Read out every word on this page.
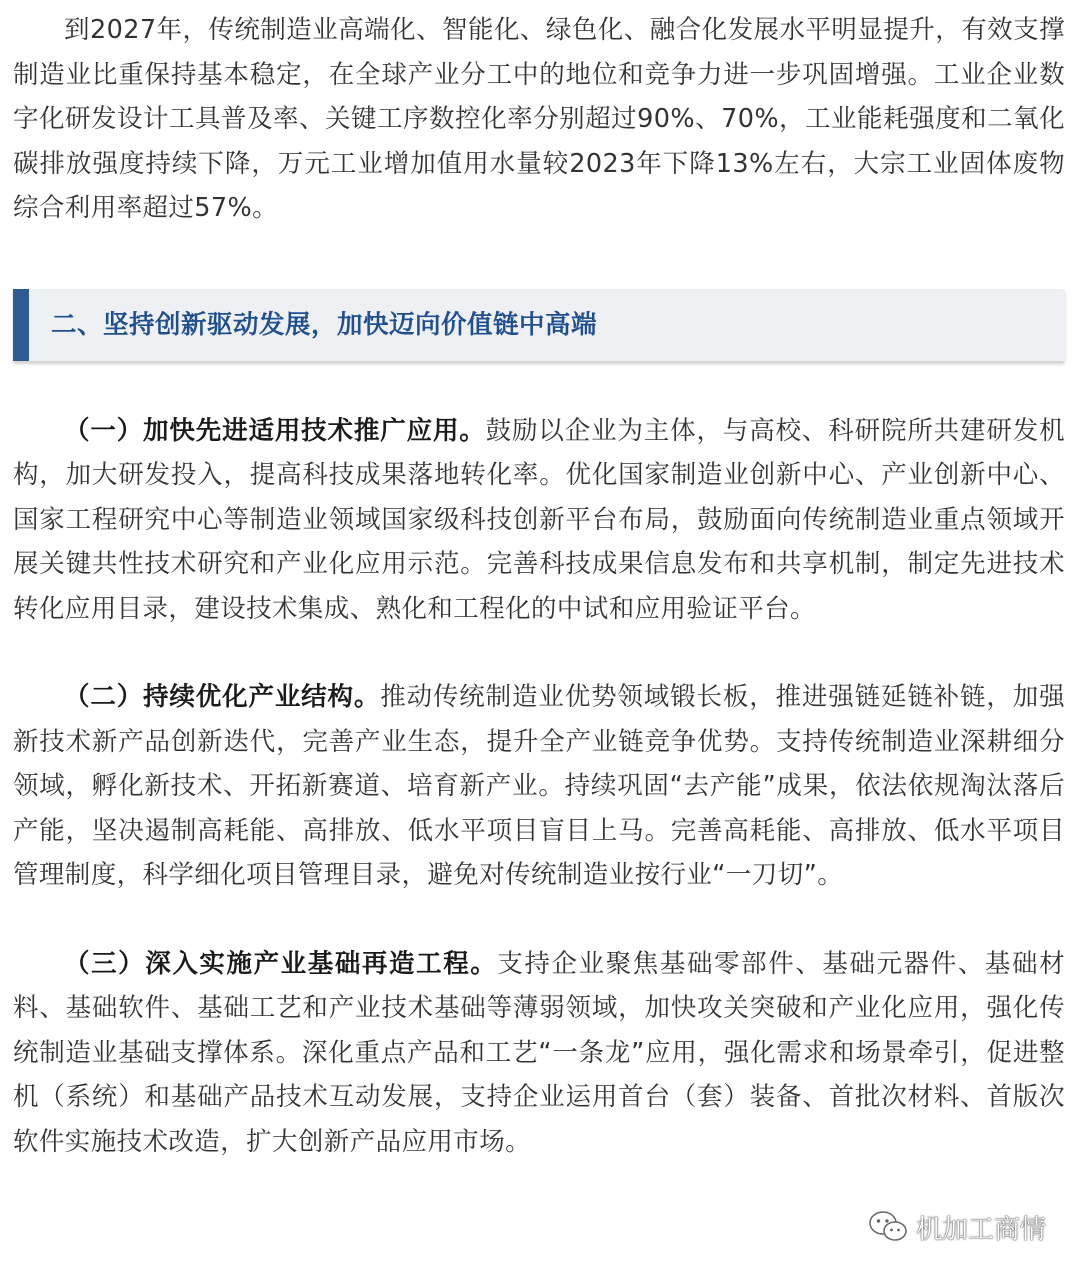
到2027年，传统制造业高端化、智能化、绿色化、融合化发展水平明显提升，有效支撑制造业比重保持基本稳定，在全球产业分工中的地位和竞争力进一步巩固增强。工业企业数字化研发设计工具普及率、关键工序数控化率分别超过90%、70%，工业能耗强度和二氧化碳排放强度持续下降，万元工业增加值用水量较2023年下降13%左右，大宗工业固体废物综合利用率超过57%。

二、坚持创新驱动发展，加快迈向价值链中高端

（一）加快先进适用技术推广应用。鼓励以企业为主体，与高校、科研院所共建研发机构，加大研发投入，提高科技成果落地转化率。优化国家制造业创新中心、产业创新中心、国家工程研究中心等制造业领域国家级科技创新平台布局，鼓励面向传统制造业重点领域开展关键共性技术研究和产业化应用示范。完善科技成果信息发布和共享机制，制定先进技术转化应用目录，建设技术集成、熟化和工程化的中试和应用验证平台。

（二）持续优化产业结构。推动传统制造业优势领域锻长板，推进强链延链补链，加强新技术新产品创新迭代，完善产业生态，提升全产业链竞争优势。支持传统制造业深耕细分领域，孵化新技术、开拓新赛道、培育新产业。持续巩固“去产能”成果，依法依规淘汰落后产能，坚决遏制高耗能、高排放、低水平项目盲目上马。完善高耗能、高排放、低水平项目管理制度，科学细化项目管理目录，避免对传统制造业按行业“一刀切”。

（三）深入实施产业基础再造工程。支持企业聚焦基础零部件、基础元器件、基础材料、基础软件、基础工艺和产业技术基础等薄弱领域，加快攻关突破和产业化应用，强化传统制造业基础支撑体系。深化重点产品和工艺“一条龙”应用，强化需求和场景牵引，促进整机（系统）和基础产品技术互动发展，支持企业运用首台（套）装备、首批次材料、首版次软件实施技术改造，扩大创新产品应用市场。

机加工商情
